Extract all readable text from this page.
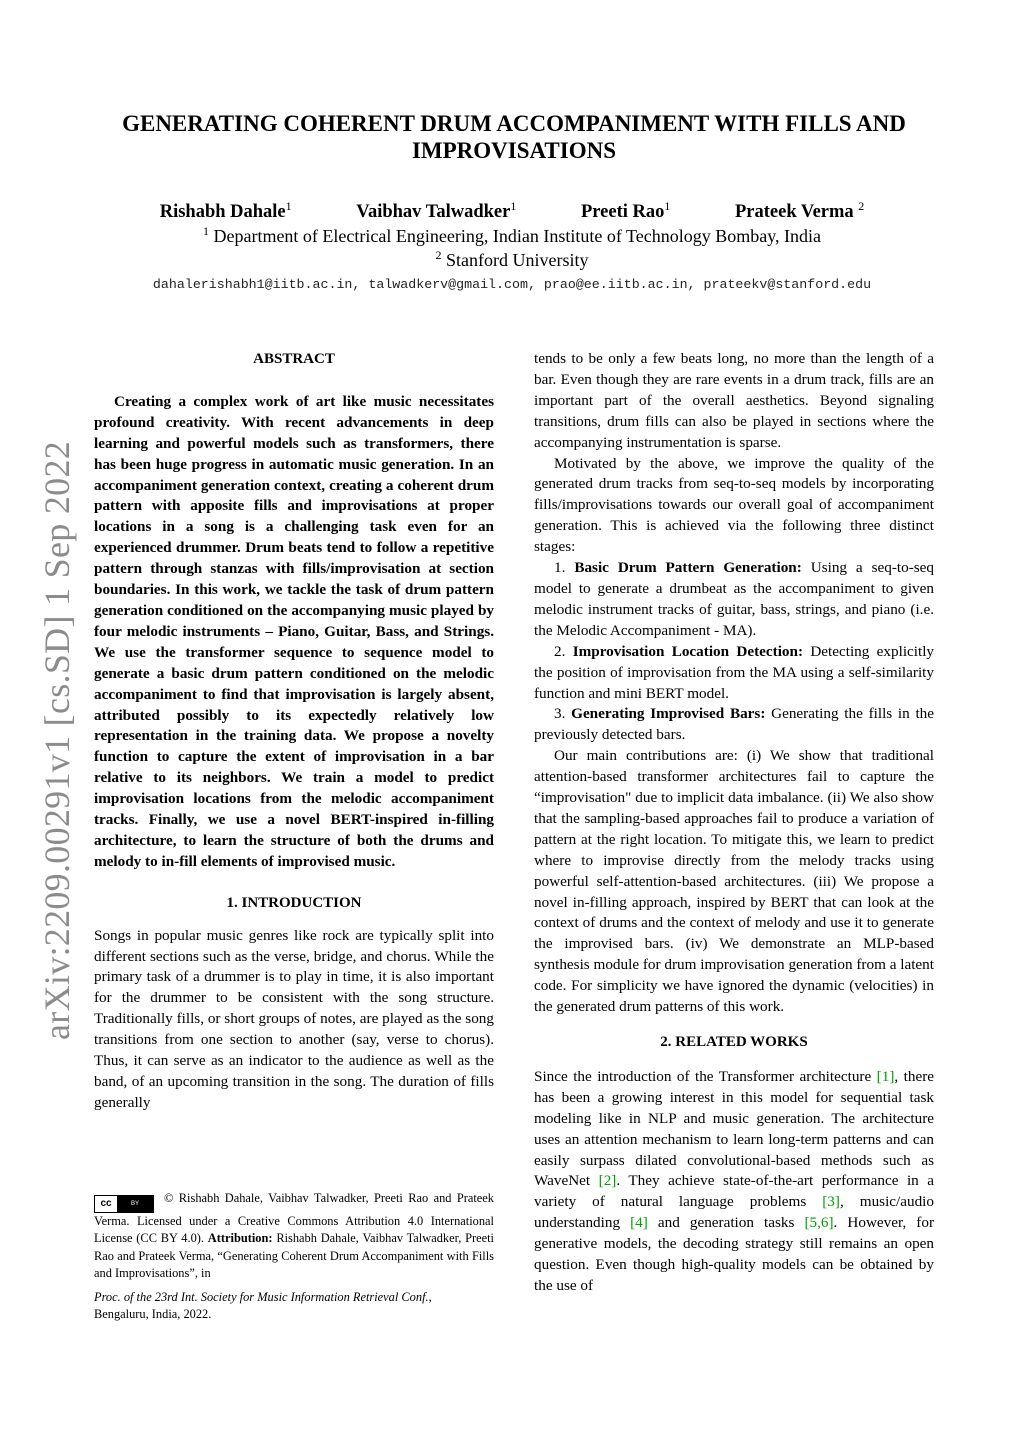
arXiv:2209.00291v1 [cs.SD] 1 Sep 2022
GENERATING COHERENT DRUM ACCOMPANIMENT WITH FILLS AND IMPROVISATIONS
Rishabh Dahale$^1$	Vaibhav Talwadker$^1$	Preeti Rao$^1$	Prateek Verma $^2$
$^1$ Department of Electrical Engineering, Indian Institute of Technology Bombay, India
$^2$ Stanford University
dahalerishabh1@iitb.ac.in, talwadkerv@gmail.com, prao@ee.iitb.ac.in, prateekv@stanford.edu

ABSTRACT

Creating a complex work of art like music necessitates profound creativity. With recent advancements in deep learning and powerful models such as transformers, there has been huge progress in automatic music generation. In an accompaniment generation context, creating a coherent drum pattern with apposite fills and improvisations at proper locations in a song is a challenging task even for an experienced drummer. Drum beats tend to follow a repetitive pattern through stanzas with fills/improvisation at section boundaries. In this work, we tackle the task of drum pattern generation conditioned on the accompanying music played by four melodic instruments – Piano, Guitar, Bass, and Strings. We use the transformer sequence to sequence model to generate a basic drum pattern conditioned on the melodic accompaniment to find that improvisation is largely absent, attributed possibly to its expectedly relatively low representation in the training data. We propose a novelty function to capture the extent of improvisation in a bar relative to its neighbors. We train a model to predict improvisation locations from the melodic accompaniment tracks. Finally, we use a novel BERT-inspired in-filling architecture, to learn the structure of both the drums and melody to in-fill elements of improvised music.

1. INTRODUCTION

Songs in popular music genres like rock are typically split into different sections such as the verse, bridge, and chorus. While the primary task of a drummer is to play in time, it is also important for the drummer to be consistent with the song structure. Traditionally fills, or short groups of notes, are played as the song transitions from one section to another (say, verse to chorus). Thus, it can serve as an indicator to the audience as well as the band, of an upcoming transition in the song. The duration of fills generally

tends to be only a few beats long, no more than the length of a bar. Even though they are rare events in a drum track, fills are an important part of the overall aesthetics. Beyond signaling transitions, drum fills can also be played in sections where the accompanying instrumentation is sparse.

Motivated by the above, we improve the quality of the generated drum tracks from seq-to-seq models by incorporating fills/improvisations towards our overall goal of accompaniment generation. This is achieved via the following three distinct stages:

1. Basic Drum Pattern Generation: Using a seq-to-seq model to generate a drumbeat as the accompaniment to given melodic instrument tracks of guitar, bass, strings, and piano (i.e. the Melodic Accompaniment - MA).

2. Improvisation Location Detection: Detecting explicitly the position of improvisation from the MA using a self-similarity function and mini BERT model.

3. Generating Improvised Bars: Generating the fills in the previously detected bars.

Our main contributions are: (i) We show that traditional attention-based transformer architectures fail to capture the “improvisation" due to implicit data imbalance. (ii) We also show that the sampling-based approaches fail to produce a variation of pattern at the right location. To mitigate this, we learn to predict where to improvise directly from the melody tracks using powerful self-attention-based architectures. (iii) We propose a novel in-filling approach, inspired by BERT that can look at the context of drums and the context of melody and use it to generate the improvised bars. (iv) We demonstrate an MLP-based synthesis module for drum improvisation generation from a latent code. For simplicity we have ignored the dynamic (velocities) in the generated drum patterns of this work.

2. RELATED WORKS

Since the introduction of the Transformer architecture [1], there has been a growing interest in this model for sequential task modeling like in NLP and music generation. The architecture uses an attention mechanism to learn long-term patterns and can easily surpass dilated convolutional-based methods such as WaveNet [2]. They achieve state-of-the-art performance in a variety of natural language problems [3], music/audio understanding [4] and generation tasks [5,6]. However, for generative models, the decoding strategy still remains an open question. Even though high-quality models can be obtained by the use of

cc	BY © Rishabh Dahale, Vaibhav Talwadker, Preeti Rao and Prateek Verma. Licensed under a Creative Commons Attribution 4.0 International License (CC BY 4.0). Attribution: Rishabh Dahale, Vaibhav Talwadker, Preeti Rao and Prateek Verma, “Generating Coherent Drum Accompaniment with Fills and Improvisations”, in

Proc. of the 23rd Int. Society for Music Information Retrieval Conf.,

Bengaluru, India, 2022.
